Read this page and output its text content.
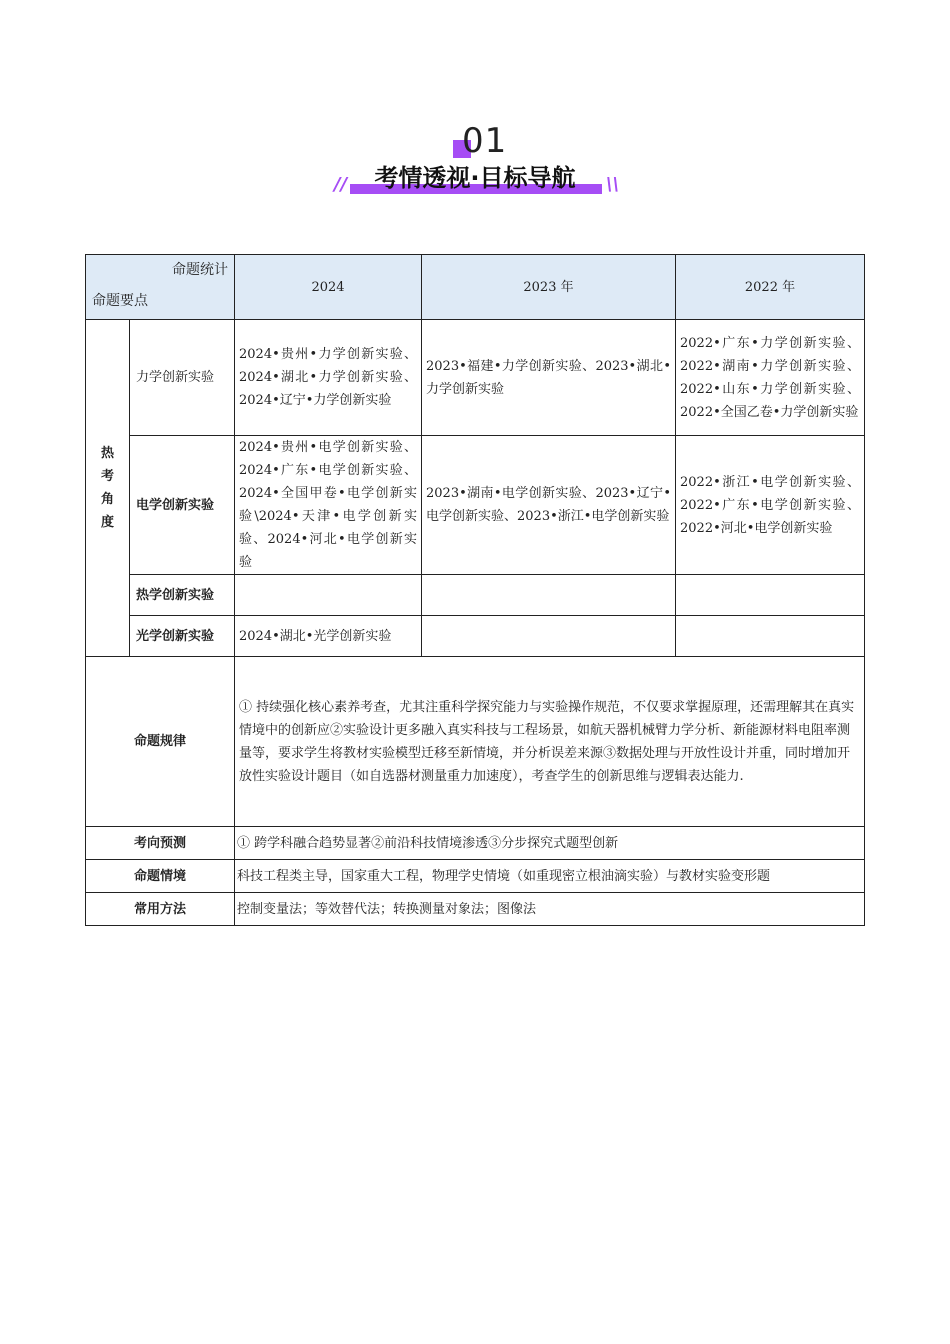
01
//	考情透视·目标导航	\\
命题统计
命题要点		2024	2023 年	2022 年

热
考
角
度	力学创新实验	2024•贵州•力学创新实验、2024•湖北•力学创新实验、2024•辽宁•力学创新实验	2023•福建•力学创新实验、2023•湖北•力学创新实验	2022•广东•力学创新实验、2022•湖南•力学创新实验、2022•山东•力学创新实验、2022•全国乙卷•力学创新实验
	电学创新实验	2024•贵州•电学创新实验、2024•广东•电学创新实验、2024•全国甲卷•电学创新实验\2024•天津•电学创新实验、2024•河北•电学创新实验	2023•湖南•电学创新实验、2023•辽宁•电学创新实验、2023•浙江•电学创新实验	2022•浙江•电学创新实验、2022•广东•电学创新实验、2022•河北•电学创新实验
	热学创新实验			
	光学创新实验	2024•湖北•光学创新实验		
命题规律		① 持续强化核心素养考查，尤其注重科学探究能力与实验操作规范，不仅要求掌握原理，还需理解其在真实情境中的创新应②实验设计更多融入真实科技与工程场景，如航天器机械臂力学分析、新能源材料电阻率测量等，要求学生将教材实验模型迁移至新情境，并分析误差来源③数据处理与开放性设计并重，同时增加开放性实验设计题目（如自选器材测量重力加速度），考查学生的创新思维与逻辑表达能力.		
考向预测		① 跨学科融合趋势显著②前沿科技情境渗透③分步探究式题型创新		
命题情境		科技工程类主导，国家重大工程，物理学史情境（如重现密立根油滴实验）与教材实验变形题		
常用方法		控制变量法；等效替代法；转换测量对象法；图像法		
